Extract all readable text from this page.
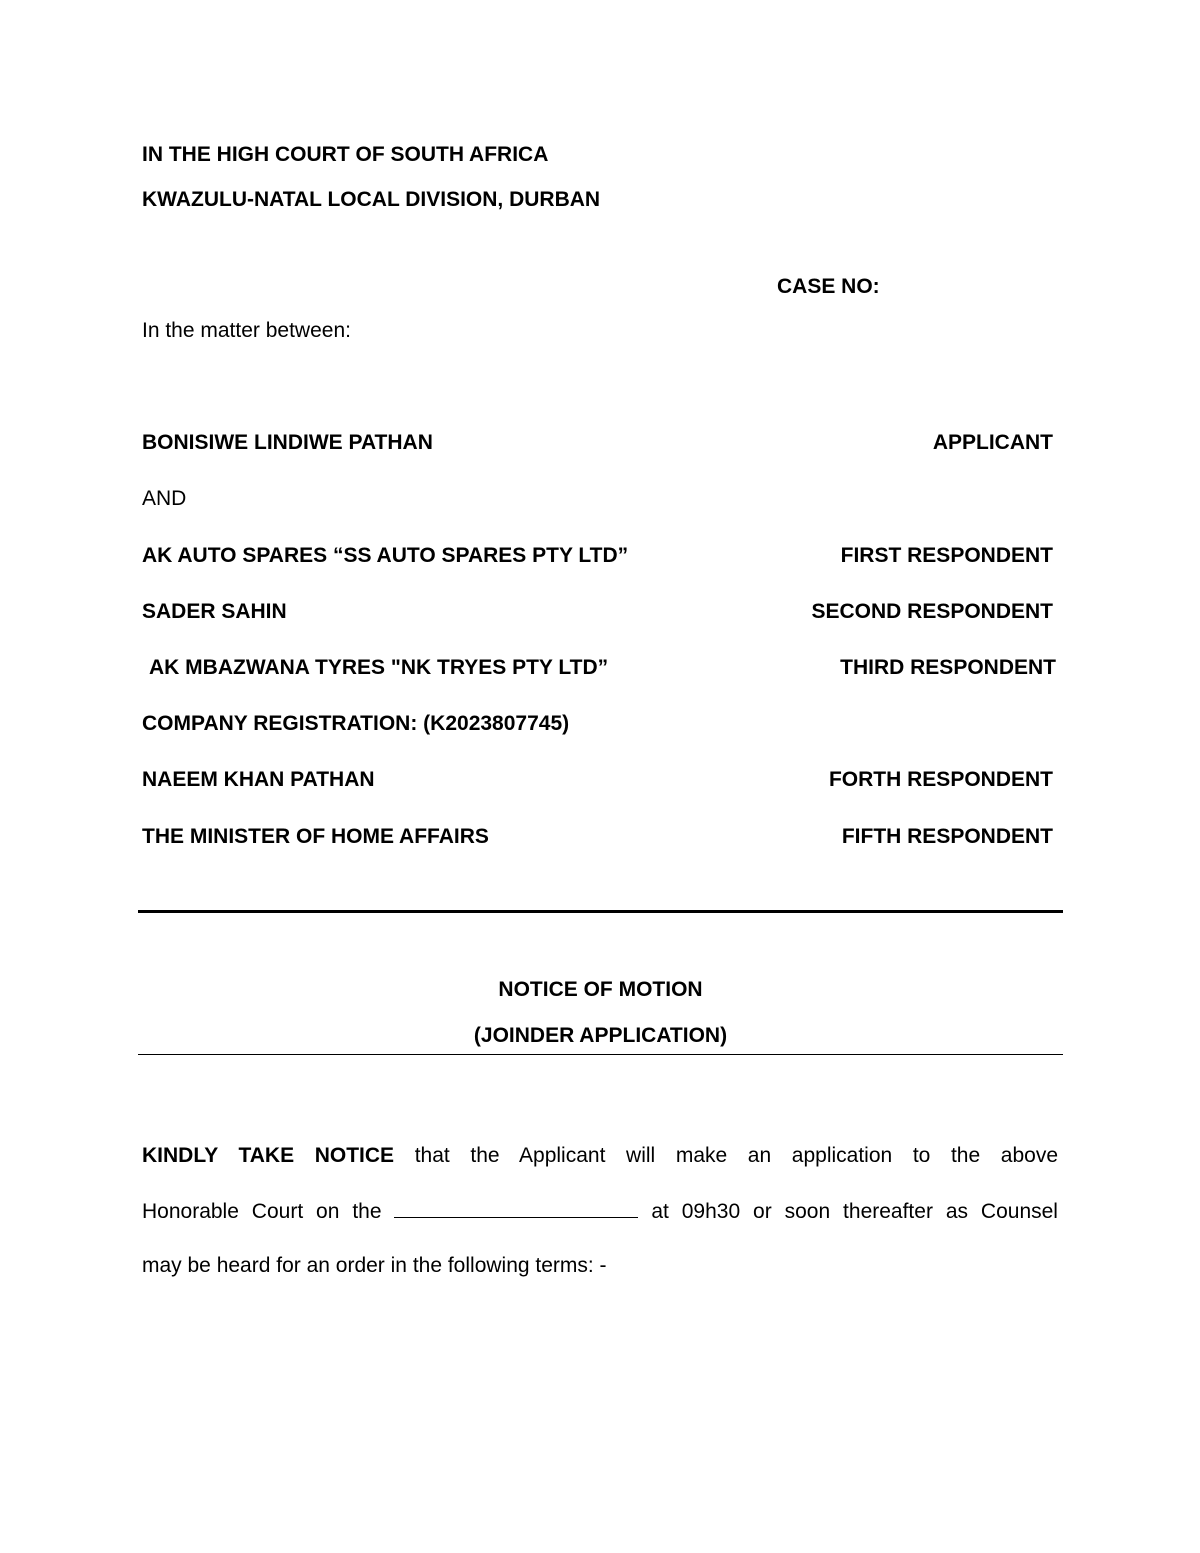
IN THE HIGH COURT OF SOUTH AFRICA
KWAZULU-NATAL LOCAL DIVISION, DURBAN
CASE NO:
In the matter between:
BONISIWE LINDIWE PATHAN	APPLICANT
AND
AK AUTO SPARES “SS AUTO SPARES PTY LTD”	FIRST RESPONDENT
SADER SAHIN	SECOND RESPONDENT
AK MBAZWANA TYRES "NK TRYES PTY LTD”	THIRD RESPONDENT
COMPANY REGISTRATION: (K2023807745)
NAEEM KHAN PATHAN	FORTH RESPONDENT
THE MINISTER OF HOME AFFAIRS	FIFTH RESPONDENT
NOTICE OF MOTION
(JOINDER APPLICATION)
KINDLY TAKE NOTICE that the Applicant will make an application to the above
Honorable Court on the	at 09h30 or soon thereafter as Counsel
may be heard for an order in the following terms: -
